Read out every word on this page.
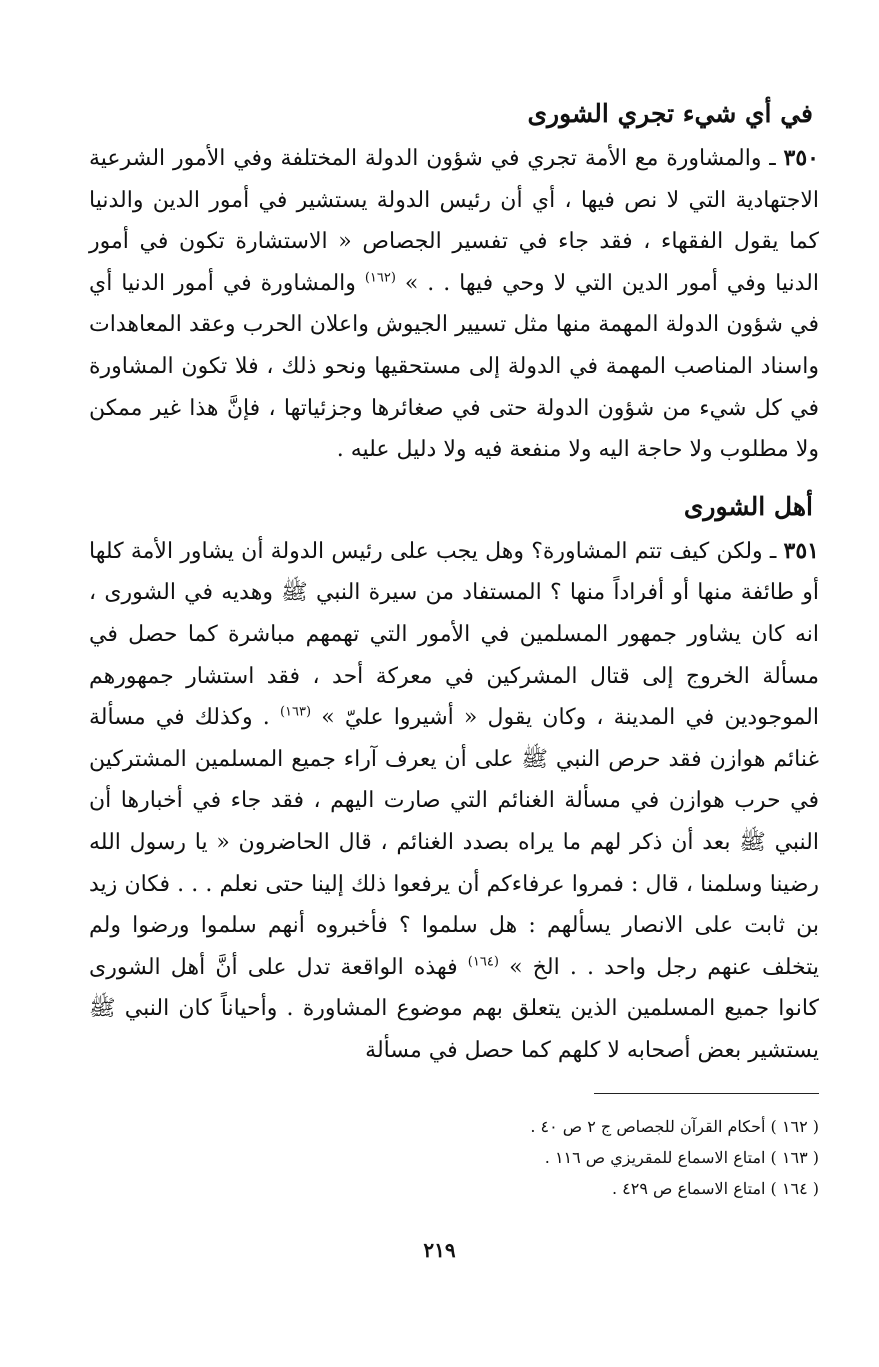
في أي شيء تجري الشورى

٣٥٠ ـ والمشاورة مع الأمة تجري في شؤون الدولة المختلفة وفي الأمور الشرعية الاجتهادية التي لا نص فيها ، أي أن رئيس الدولة يستشير في أمور الدين والدنيا كما يقول الفقهاء ، فقد جاء في تفسير الجصاص « الاستشارة تكون في أمور الدنيا وفي أمور الدين التي لا وحي فيها . . » $^{(١٦٢)}$ والمشاورة في أمور الدنيا أي في شؤون الدولة المهمة منها مثل تسيير الجيوش واعلان الحرب وعقد المعاهدات واسناد المناصب المهمة في الدولة إلى مستحقيها ونحو ذلك ، فلا تكون المشاورة في كل شيء من شؤون الدولة حتى في صغائرها وجزئياتها ، فإنَّ هذا غير ممكن ولا مطلوب ولا حاجة اليه ولا منفعة فيه ولا دليل عليه .

أهل الشورى

٣٥١ ـ ولكن كيف تتم المشاورة؟ وهل يجب على رئيس الدولة أن يشاور الأمة كلها أو طائفة منها أو أفراداً منها ؟ المستفاد من سيرة النبي ﷺ وهديه في الشورى ، انه كان يشاور جمهور المسلمين في الأمور التي تهمهم مباشرة كما حصل في مسألة الخروج إلى قتال المشركين في معركة أحد ، فقد استشار جمهورهم الموجودين في المدينة ، وكان يقول « أشيروا عليّ » $^{(١٦٣)}$ . وكذلك في مسألة غنائم هوازن فقد حرص النبي ﷺ على أن يعرف آراء جميع المسلمين المشتركين في حرب هوازن في مسألة الغنائم التي صارت اليهم ، فقد جاء في أخبارها أن النبي ﷺ بعد أن ذكر لهم ما يراه بصدد الغنائم ، قال الحاضرون « يا رسول الله رضينا وسلمنا ، قال : فمروا عرفاءكم أن يرفعوا ذلك إلينا حتى نعلم . . . فكان زيد بن ثابت على الانصار يسألهم : هل سلموا ؟ فأخبروه أنهم سلموا ورضوا ولم يتخلف عنهم رجل واحد . . الخ » $^{(١٦٤)}$ فهذه الواقعة تدل على أنَّ أهل الشورى كانوا جميع المسلمين الذين يتعلق بهم موضوع المشاورة . وأحياناً كان النبي ﷺ يستشير بعض أصحابه لا كلهم كما حصل في مسألة

( ١٦٢ ) أحكام القرآن للجصاص ج ٢ ص ٤٠ .

( ١٦٣ ) امتاع الاسماع للمقريزي ص ١١٦ .

( ١٦٤ ) امتاع الاسماع ص ٤٢٩ .

٢١٩
